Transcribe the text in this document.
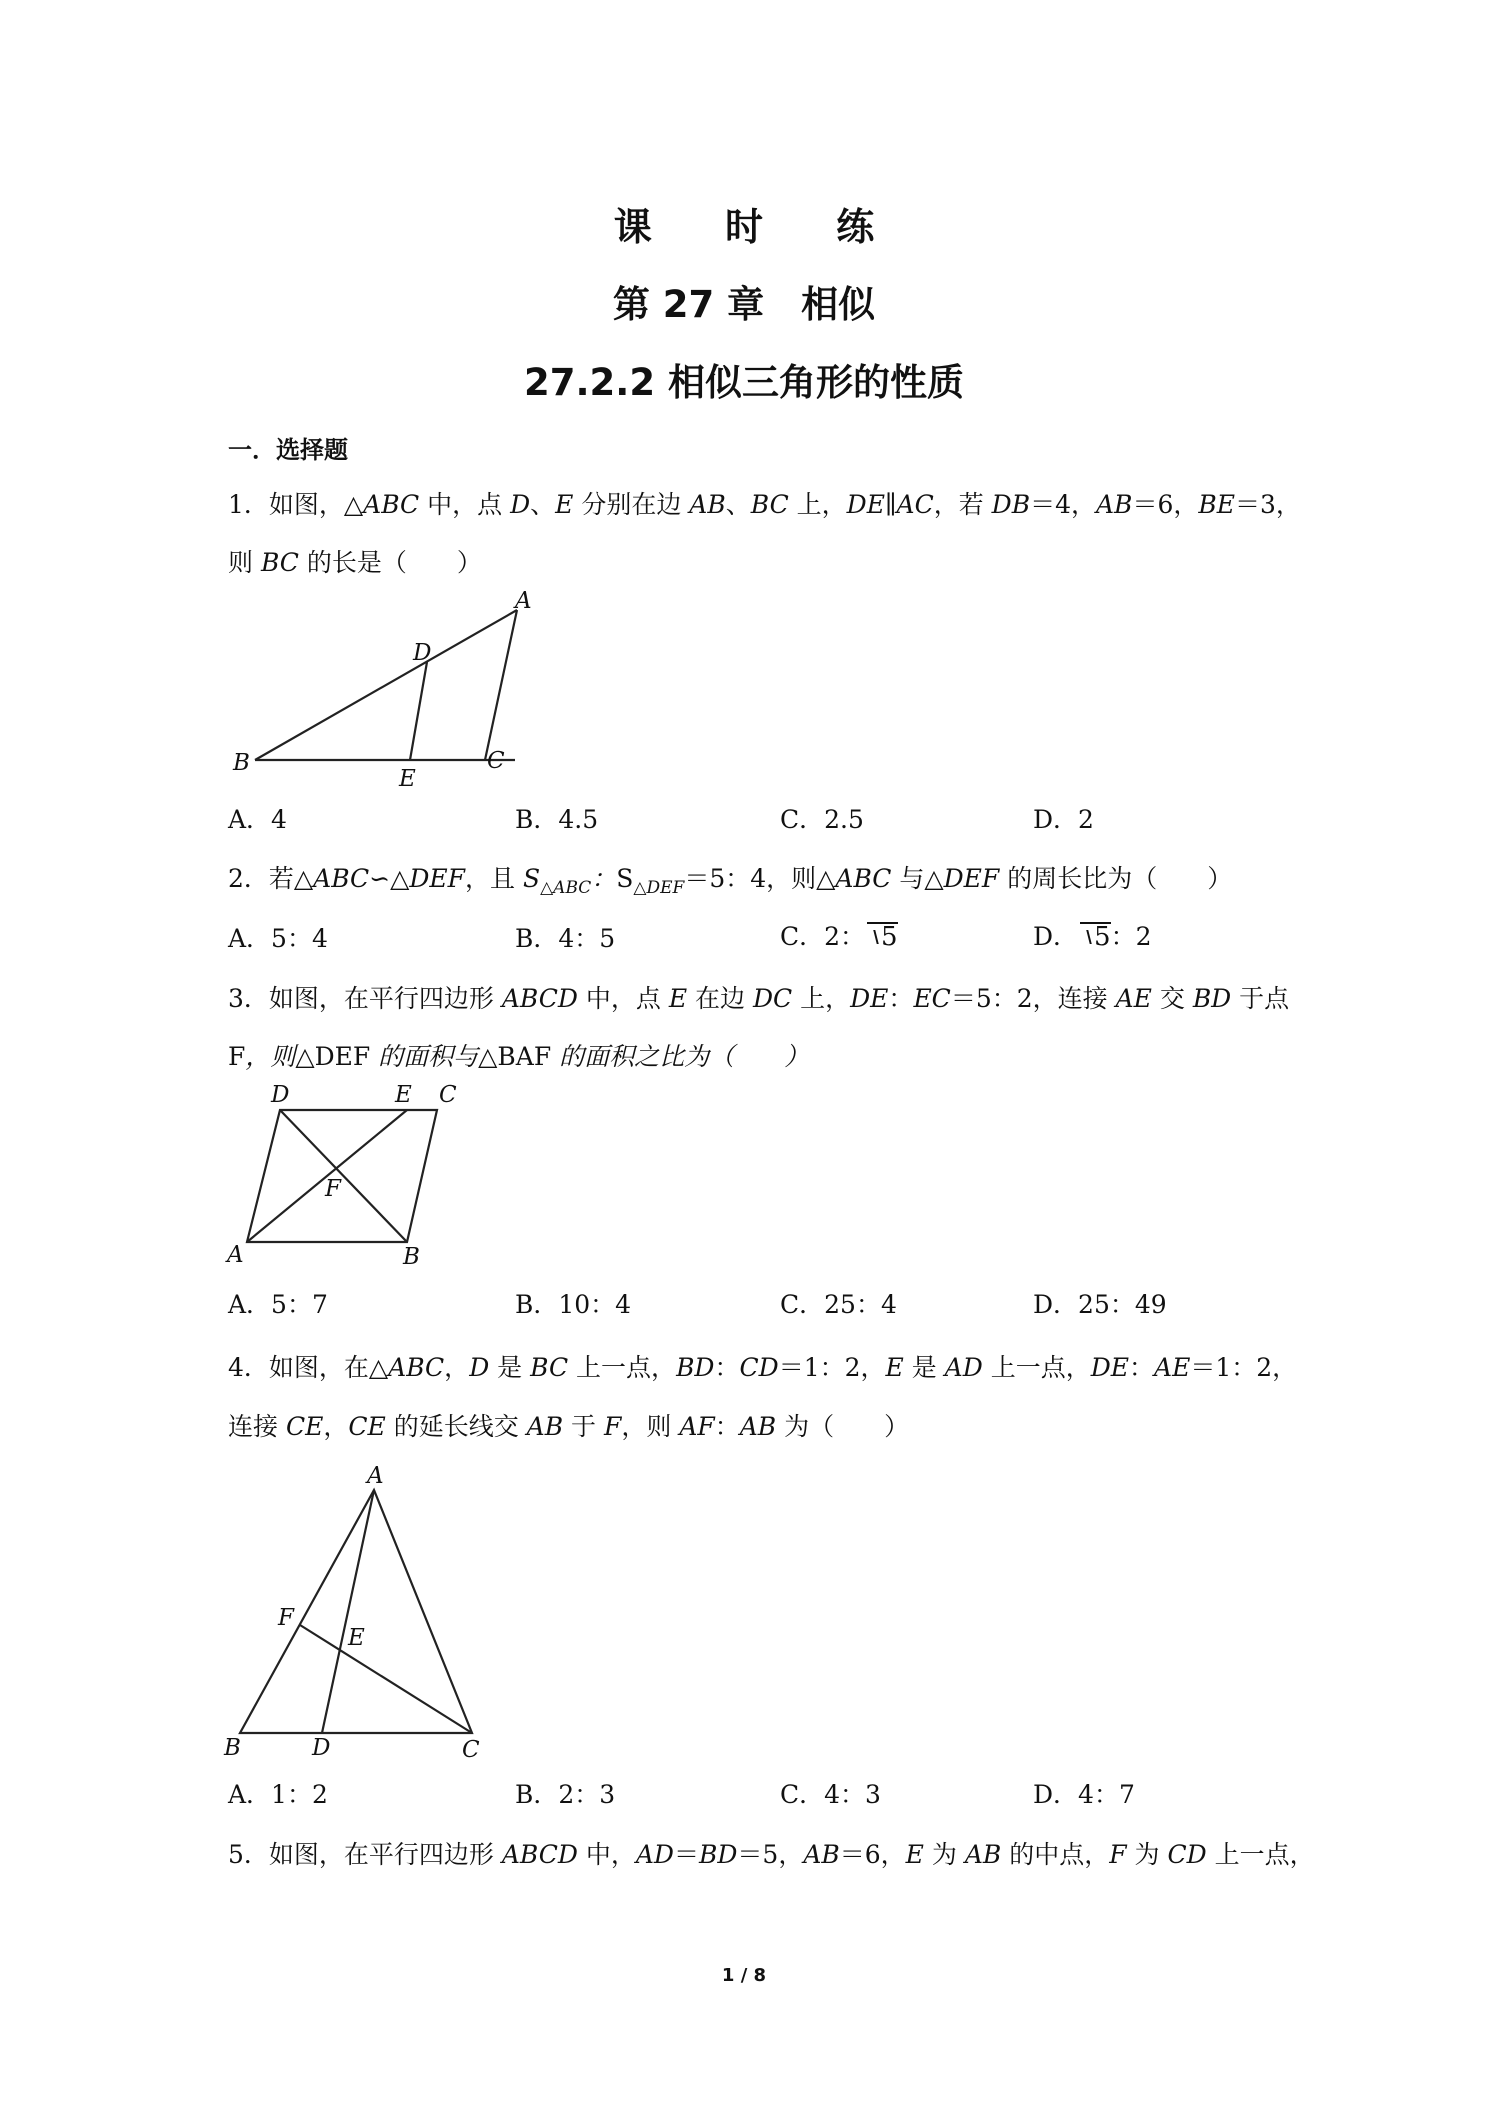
课 时 练
第 27 章　相似
27.2.2 相似三角形的性质
一．选择题
1．如图，△ABC 中，点 D、E 分别在边 AB、BC 上，DE∥AC，若 DB＝4，AB＝6，BE＝3，
则 BC 的长是（　　）
A
B	C
D
E
A．4	B．4.5	C．2.5	D．2
2．若△ABC∽△DEF，且 $S_{\triangle ABC}$：$S_{\triangle DEF}=5$：4，则△ABC 与△DEF 的周长比为（　　）
A．5：4	B．4：5	C．2： 5	D． 5：2
3．如图，在平行四边形 ABCD 中，点 E 在边 DC 上，DE：EC＝5：2，连接 AE 交 BD 于点
F，则△DEF 的面积与△BAF 的面积之比为（　　）
D	E C
F
A	B
A．5：7	B．10：4	C．25：4	D．25：49
4．如图，在△ABC，D 是 BC 上一点，BD：CD＝1：2，E 是 AD 上一点，DE：AE＝1：2，
连接 CE，CE 的延长线交 AB 于 F，则 AF：AB 为（　　）
A
F
E
B	D	C
A．1：2	B．2：3	C．4：3	D．4：7
5．如图，在平行四边形 ABCD 中，AD＝BD＝5，AB＝6，E 为 AB 的中点，F 为 CD 上一点，
1 / 8
